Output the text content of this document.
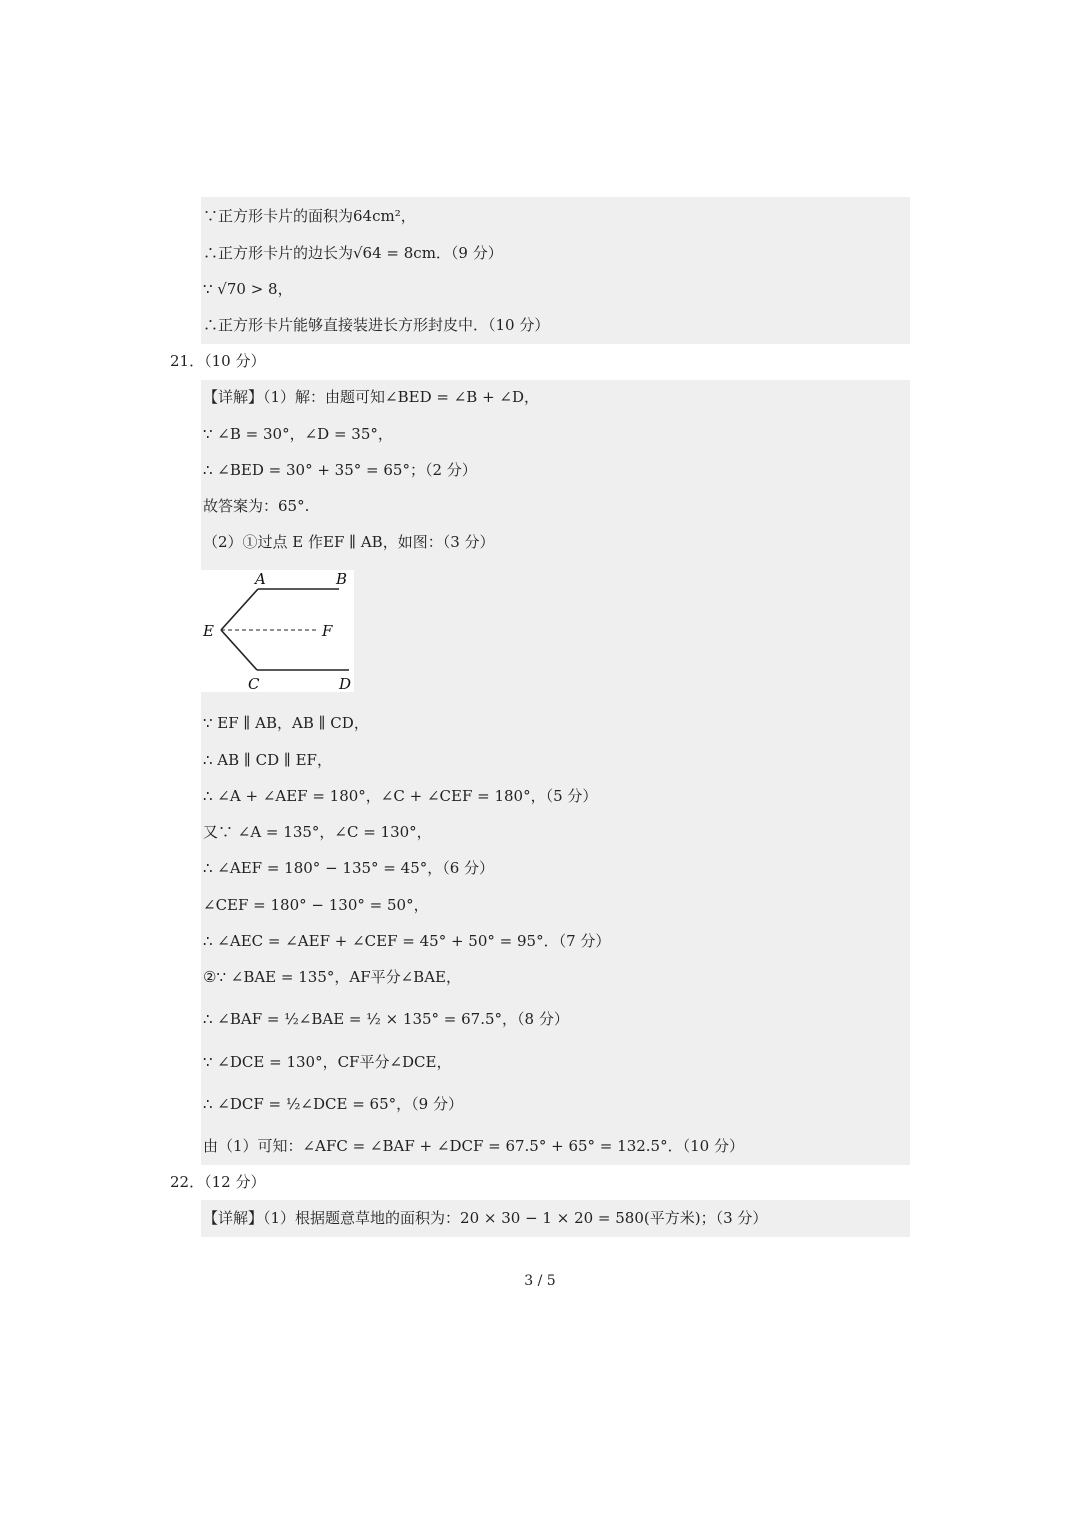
∵正方形卡片的面积为64cm²，
∴正方形卡片的边长为√64 = 8cm．（9 分）
∵ √70 > 8，
∴正方形卡片能够直接装进长方形封皮中．（10 分）
21．（10 分）
【详解】（1）解：由题可知∠BED = ∠B + ∠D，
∵ ∠B = 30°，∠D = 35°，
∴ ∠BED = 30° + 35° = 65°；（2 分）
故答案为：65°.
（2）①过点 E 作EF ∥ AB，如图：（3 分）
A	B
E	F
C	D
∵ EF ∥ AB，AB ∥ CD，
∴ AB ∥ CD ∥ EF，
∴ ∠A + ∠AEF = 180°，∠C + ∠CEF = 180°，（5 分）
又∵ ∠A = 135°，∠C = 130°，
∴ ∠AEF = 180° − 135° = 45°，（6 分）
∠CEF = 180° − 130° = 50°，
∴ ∠AEC = ∠AEF + ∠CEF = 45° + 50° = 95°．（7 分）
②∵ ∠BAE = 135°，AF平分∠BAE，
∴ ∠BAF = ½∠BAE = ½ × 135° = 67.5°，（8 分）
∵ ∠DCE = 130°，CF平分∠DCE，
∴ ∠DCF = ½∠DCE = 65°，（9 分）
由（1）可知：∠AFC = ∠BAF + ∠DCF = 67.5° + 65° = 132.5°．（10 分）
22．（12 分）
【详解】（1）根据题意草地的面积为：20 × 30 − 1 × 20 = 580(平方米)；（3 分）
3 / 5
